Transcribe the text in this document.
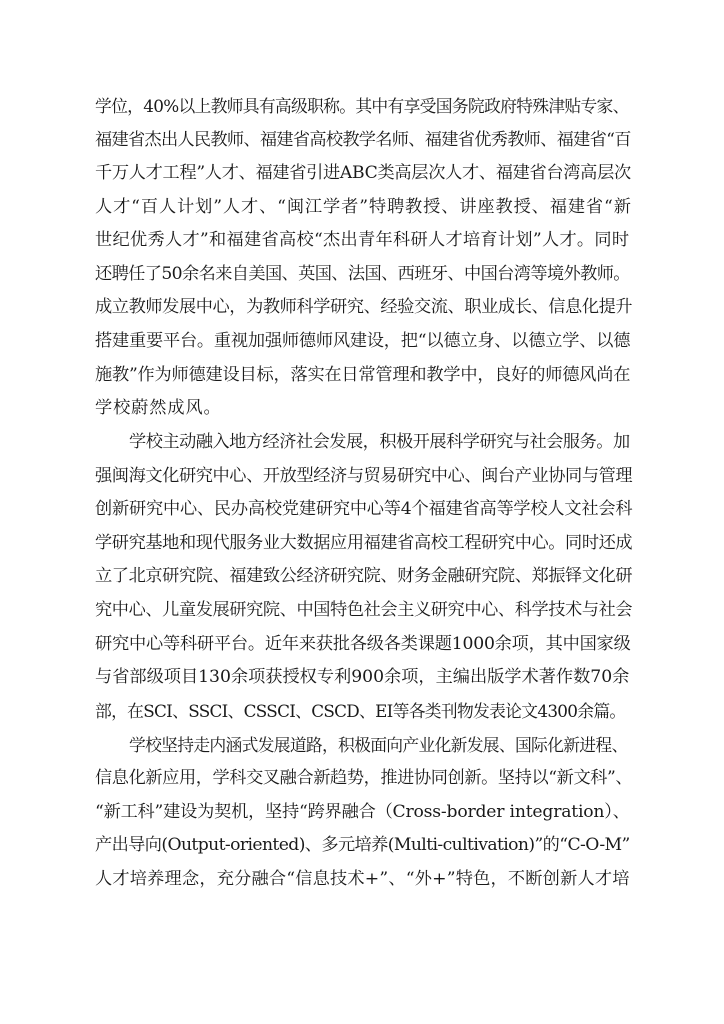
学位，40%以上教师具有高级职称。其中有享受国务院政府特殊津贴专家、
福建省杰出人民教师、福建省高校教学名师、福建省优秀教师、福建省“百
千万人才工程”人才、福建省引进ABC类高层次人才、福建省台湾高层次
人才“百人计划”人才、“闽江学者”特聘教授、讲座教授、福建省“新
世纪优秀人才”和福建省高校“杰出青年科研人才培育计划”人才。同时
还聘任了50余名来自美国、英国、法国、西班牙、中国台湾等境外教师。
成立教师发展中心，为教师科学研究、经验交流、职业成长、信息化提升
搭建重要平台。重视加强师德师风建设，把“以德立身、以德立学、以德
施教”作为师德建设目标，落实在日常管理和教学中，良好的师德风尚在
学校蔚然成风。
学校主动融入地方经济社会发展，积极开展科学研究与社会服务。加
强闽海文化研究中心、开放型经济与贸易研究中心、闽台产业协同与管理
创新研究中心、民办高校党建研究中心等4个福建省高等学校人文社会科
学研究基地和现代服务业大数据应用福建省高校工程研究中心。同时还成
立了北京研究院、福建致公经济研究院、财务金融研究院、郑振铎文化研
究中心、儿童发展研究院、中国特色社会主义研究中心、科学技术与社会
研究中心等科研平台。近年来获批各级各类课题1000余项，其中国家级
与省部级项目130余项获授权专利900余项，主编出版学术著作数70余
部，在SCI、SSCI、CSSCI、CSCD、EI等各类刊物发表论文4300余篇。
学校坚持走内涵式发展道路，积极面向产业化新发展、国际化新进程、
信息化新应用，学科交叉融合新趋势，推进协同创新。坚持以“新文科”、
“新工科”建设为契机，坚持“跨界融合（Cross-border integration）、
产出导向(Output-oriented)、多元培养(Multi-cultivation)”的“C-O-M”
人才培养理念，充分融合“信息技术+”、“外+”特色，不断创新人才培
